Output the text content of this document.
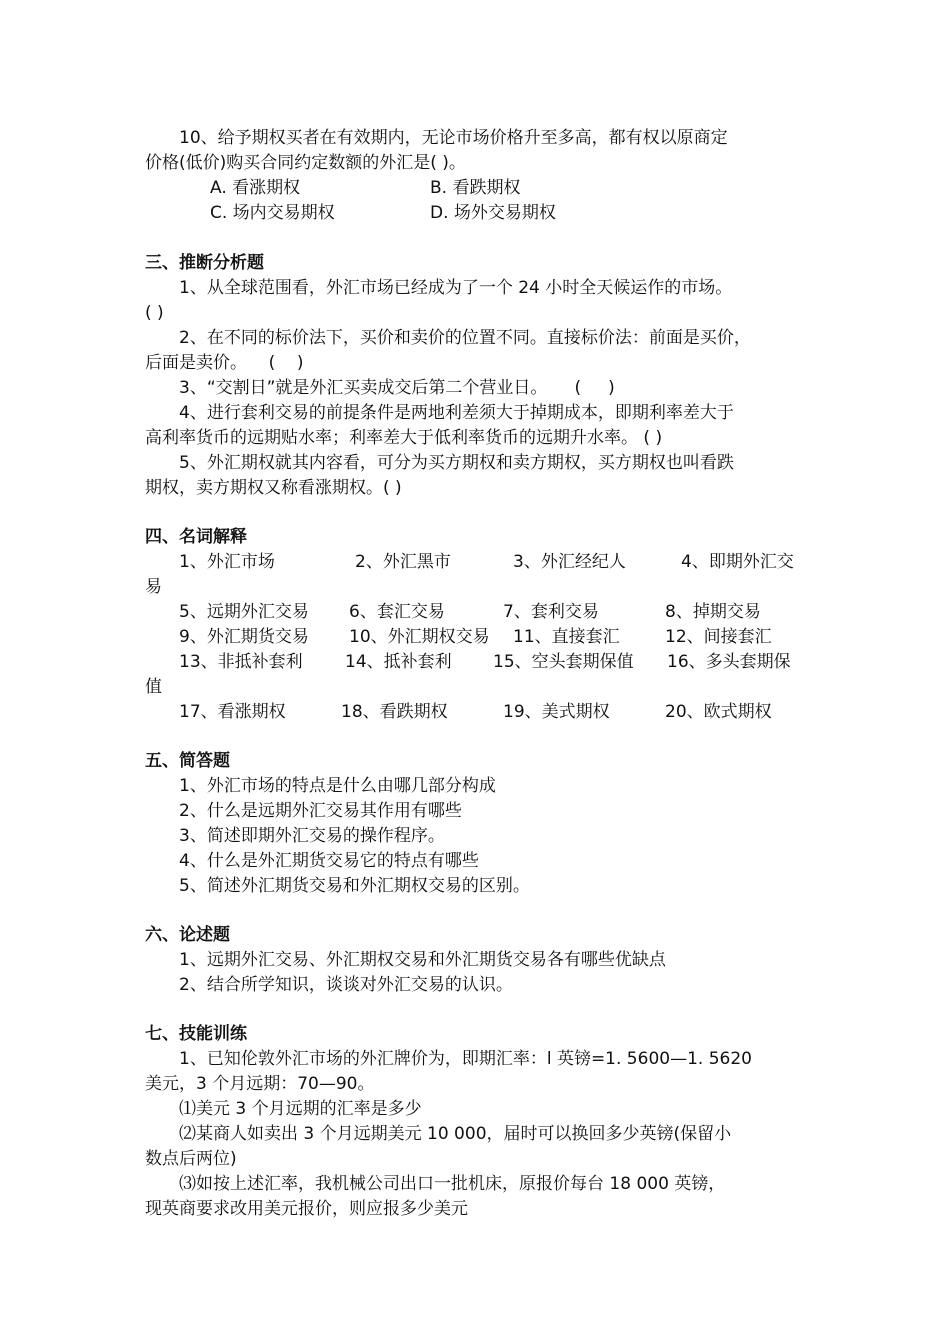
10、给予期权买者在有效期内，无论市场价格升至多高，都有权以原商定

价格(低价)购买合同约定数额的外汇是( )。

A. 看涨期权	B. 看跌期权
C. 场内交易期权	D. 场外交易期权

三、推断分析题

1、从全球范围看，外汇市场已经成为了一个 24 小时全天候运作的市场。

( )

2、在不同的标价法下，买价和卖价的位置不同。直接标价法：前面是买价，

后面是卖价。    (    )

3、“交割日”就是外汇买卖成交后第二个营业日。     (     )

4、进行套利交易的前提条件是两地利差须大于掉期成本，即期利率差大于

高利率货币的远期贴水率；利率差大于低利率货币的远期升水率。 ( )

5、外汇期权就其内容看，可分为买方期权和卖方期权，买方期权也叫看跌

期权，卖方期权又称看涨期权。( )

四、名词解释

1、外汇市场	2、外汇黑市	3、外汇经纪人	4、即期外汇交
易
5、远期外汇交易 6、套汇交易	7、套利交易	8、掉期交易
9、外汇期货交易 10、外汇期权交易 11、直接套汇	12、间接套汇
13、非抵补套利 14、抵补套利 15、空头套期保值 16、多头套期保
值
17、看涨期权	18、看跌期权	19、美式期权	20、欧式期权

五、简答题

1、外汇市场的特点是什么由哪几部分构成

2、什么是远期外汇交易其作用有哪些

3、简述即期外汇交易的操作程序。

4、什么是外汇期货交易它的特点有哪些

5、简述外汇期货交易和外汇期权交易的区别。

六、论述题

1、远期外汇交易、外汇期权交易和外汇期货交易各有哪些优缺点

2、结合所学知识，谈谈对外汇交易的认识。

七、技能训练

1、已知伦敦外汇市场的外汇牌价为，即期汇率：l 英镑=1. 5600—1. 5620

美元，3 个月远期：70—90。

⑴美元 3 个月远期的汇率是多少

⑵某商人如卖出 3 个月远期美元 10 000，届时可以换回多少英镑(保留小

数点后两位)

⑶如按上述汇率，我机械公司出口一批机床，原报价每台 18 000 英镑，

现英商要求改用美元报价，则应报多少美元
